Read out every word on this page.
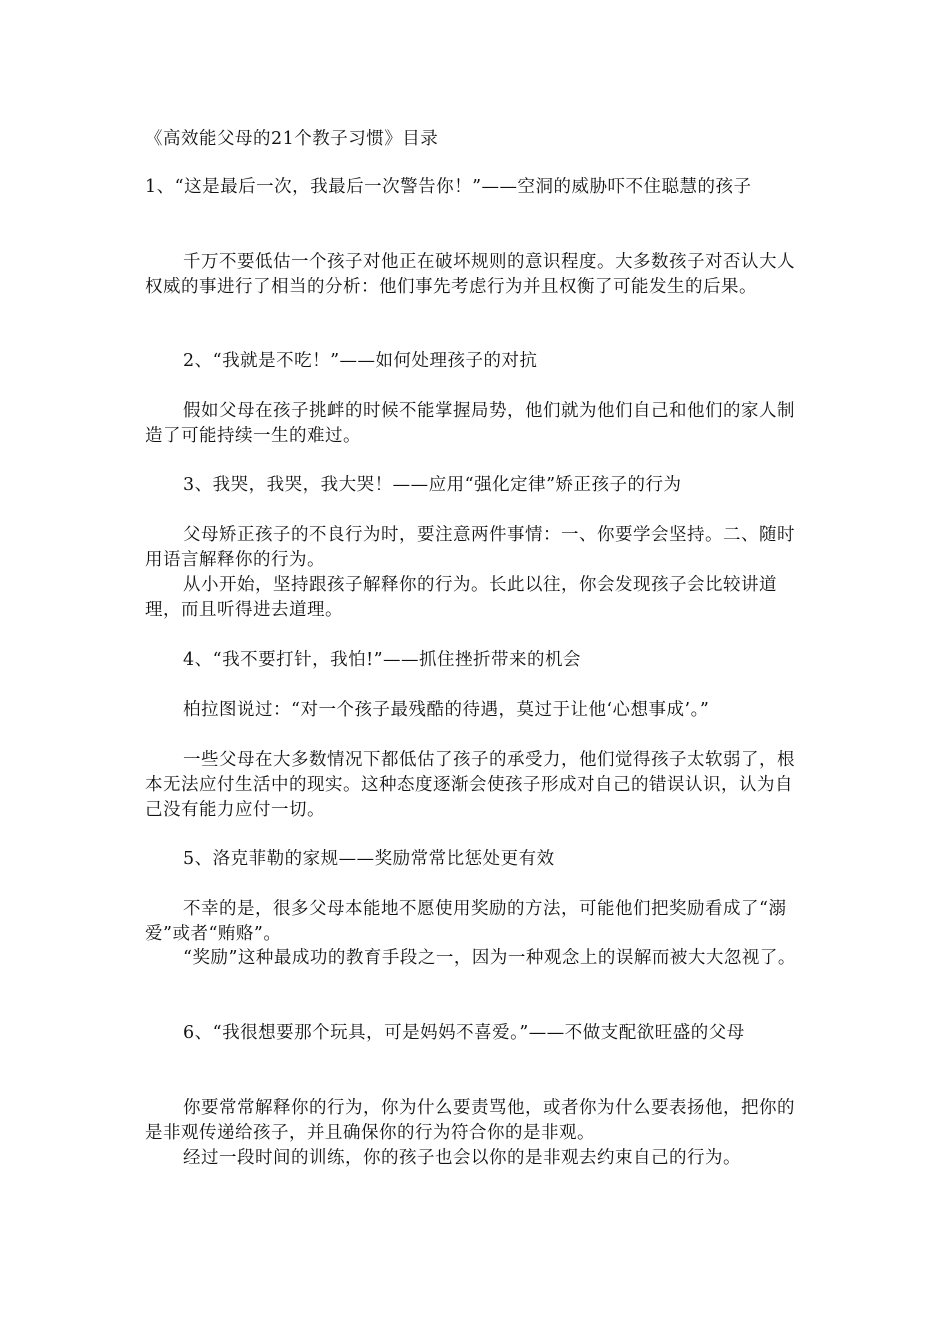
《高效能父母的21个教子习惯》目录
1、“这是最后一次，我最后一次警告你！”——空洞的威胁吓不住聪慧的孩子
千万不要低估一个孩子对他正在破坏规则的意识程度。大多数孩子对否认大人权威的事进行了相当的分析：他们事先考虑行为并且权衡了可能发生的后果。
2、“我就是不吃！”——如何处理孩子的对抗
假如父母在孩子挑衅的时候不能掌握局势，他们就为他们自己和他们的家人制造了可能持续一生的难过。
3、我哭，我哭，我大哭！——应用“强化定律”矫正孩子的行为
父母矫正孩子的不良行为时，要注意两件事情：一、你要学会坚持。二、随时用语言解释你的行为。
从小开始，坚持跟孩子解释你的行为。长此以往，你会发现孩子会比较讲道理，而且听得进去道理。
4、“我不要打针，我怕!”——抓住挫折带来的机会
柏拉图说过：“对一个孩子最残酷的待遇，莫过于让他‘心想事成’。”
一些父母在大多数情况下都低估了孩子的承受力，他们觉得孩子太软弱了，根本无法应付生活中的现实。这种态度逐渐会使孩子形成对自己的错误认识，认为自己没有能力应付一切。
5、洛克菲勒的家规——奖励常常比惩处更有效
不幸的是，很多父母本能地不愿使用奖励的方法，可能他们把奖励看成了“溺爱”或者“贿赂”。
“奖励”这种最成功的教育手段之一，因为一种观念上的误解而被大大忽视了。
6、“我很想要那个玩具，可是妈妈不喜爱。”——不做支配欲旺盛的父母
你要常常解释你的行为，你为什么要责骂他，或者你为什么要表扬他，把你的是非观传递给孩子，并且确保你的行为符合你的是非观。
经过一段时间的训练，你的孩子也会以你的是非观去约束自己的行为。
